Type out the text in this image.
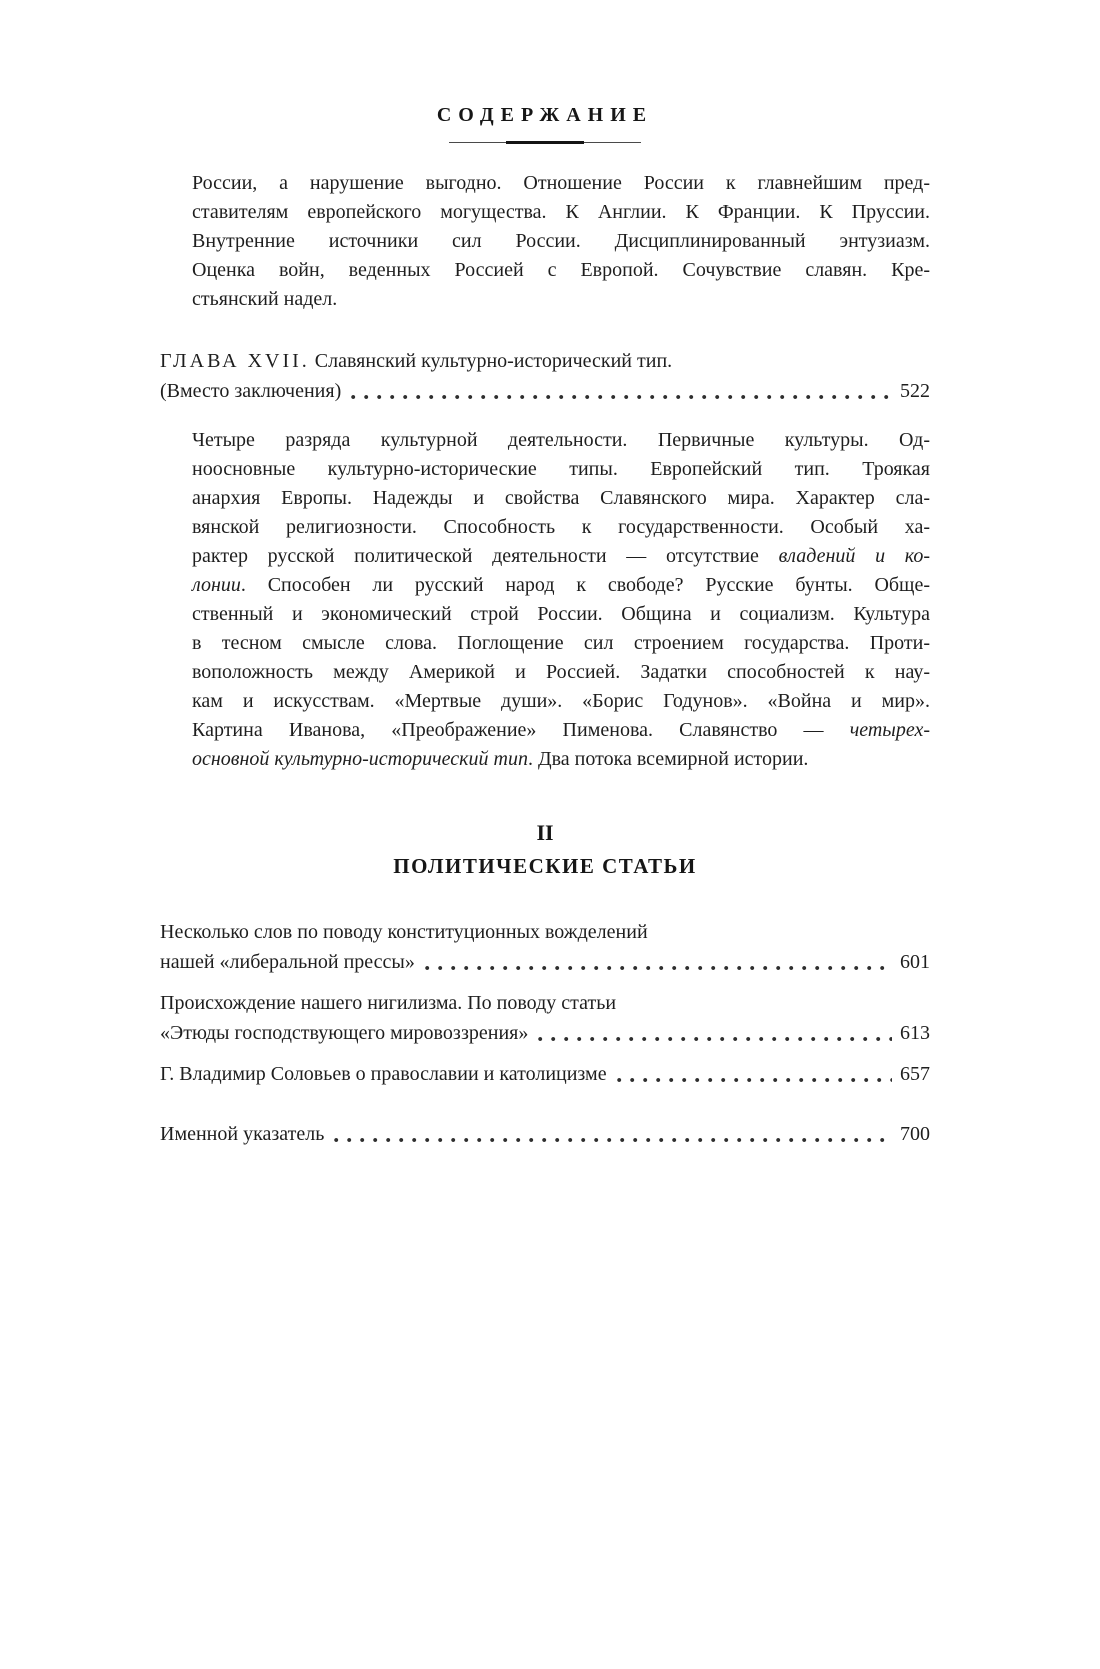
СОДЕРЖАНИЕ
России, а нарушение выгодно. Отношение России к главнейшим пред-
ставителям европейского могущества. К Англии. К Франции. К Пруссии.
Внутренние источники сил России. Дисциплинированный энтузиазм.
Оценка войн, веденных Россией с Европой. Сочувствие славян. Кре-
стьянский надел.
ГЛАВА XVII. Славянский культурно-исторический тип.
(Вместо заключения)	522
Четыре разряда культурной деятельности. Первичные культуры. Од-
ноосновные культурно-исторические типы. Европейский тип. Троякая
анархия Европы. Надежды и свойства Славянского мира. Характер сла-
вянской религиозности. Способность к государственности. Особый ха-
рактер русской политической деятельности — отсутствие владений и ко-
лонии. Способен ли русский народ к свободе? Русские бунты. Обще-
ственный и экономический строй России. Община и социализм. Культура
в тесном смысле слова. Поглощение сил строением государства. Проти-
воположность между Америкой и Россией. Задатки способностей к нау-
кам и искусствам. «Мертвые души». «Борис Годунов». «Война и мир».
Картина Иванова, «Преображение» Пименова. Славянство — четырех-
основной культурно-исторический тип. Два потока всемирной истории.
II
ПОЛИТИЧЕСКИЕ СТАТЬИ
Несколько слов по поводу конституционных вожделений
нашей «либеральной прессы»	601
Происхождение нашего нигилизма. По поводу статьи
«Этюды господствующего мировоззрения»	613
Г. Владимир Соловьев о православии и католицизме	657
Именной указатель	700
